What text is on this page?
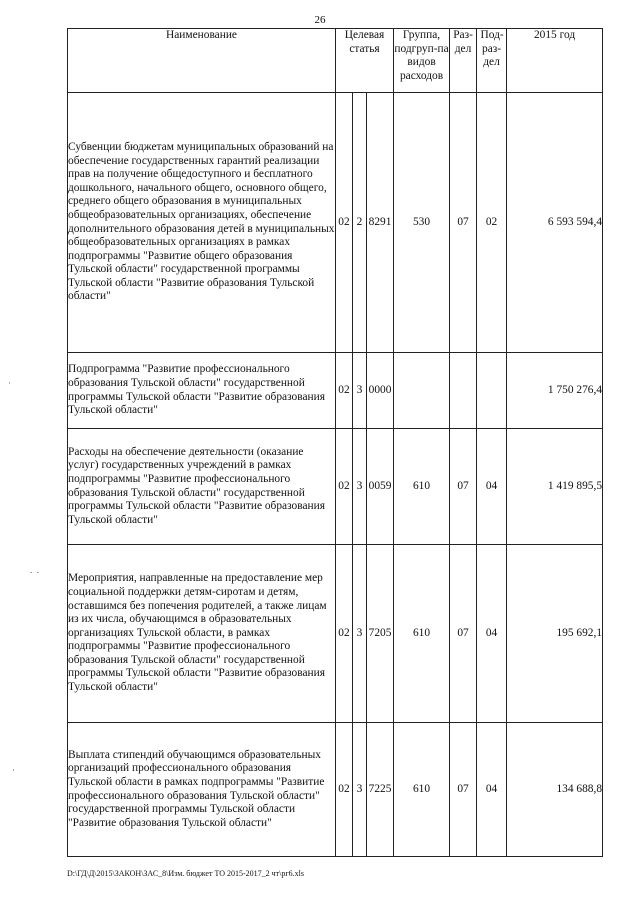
26
Наименование	Целевая статья			Группа, подгруп-па видов расходов	Раз-дел	Под-раз-дел	2015 год
Субвенции бюджетам муниципальных образований на обеспечение государственных гарантий реализации прав на получение общедоступного и бесплатного дошкольного, начального общего, основного общего, среднего общего образования в муниципальных общеобразовательных организациях, обеспечение дополнительного образования детей в муниципальных общеобразовательных организациях в рамках подпрограммы "Развитие общего образования Тульской области" государственной программы Тульской области "Развитие образования Тульской области"	02	2	8291	530	07	02	6 593 594,4
Подпрограмма "Развитие профессионального образования Тульской области" государственной программы Тульской области "Развитие образования Тульской области"	02	3	0000				1 750 276,4
Расходы на обеспечение деятельности (оказание услуг) государственных учреждений в рамках подпрограммы "Развитие профессионального образования Тульской области" государственной программы Тульской области "Развитие образования Тульской области"	02	3	0059	610	07	04	1 419 895,5
Мероприятия, направленные на предоставление мер социальной поддержки детям-сиротам и детям, оставшимся без попечения родителей, а также лицам из их числа, обучающимся в образовательных организациях Тульской области, в рамках подпрограммы "Развитие профессионального образования Тульской области" государственной программы Тульской области "Развитие образования Тульской области"	02	3	7205	610	07	04	195 692,1
Выплата стипендий обучающимся образовательных организаций профессионального образования Тульской области в рамках подпрограммы "Развитие профессионального образования Тульской области" государственной программы Тульской области "Развитие образования Тульской области"	02	3	7225	610	07	04	134 688,8
D:\ГД\Д\2015\ЗАКОН\ЗАС_8\Изм. бюджет ТО 2015-2017_2 чт\рг6.xls
·
.  .
·
